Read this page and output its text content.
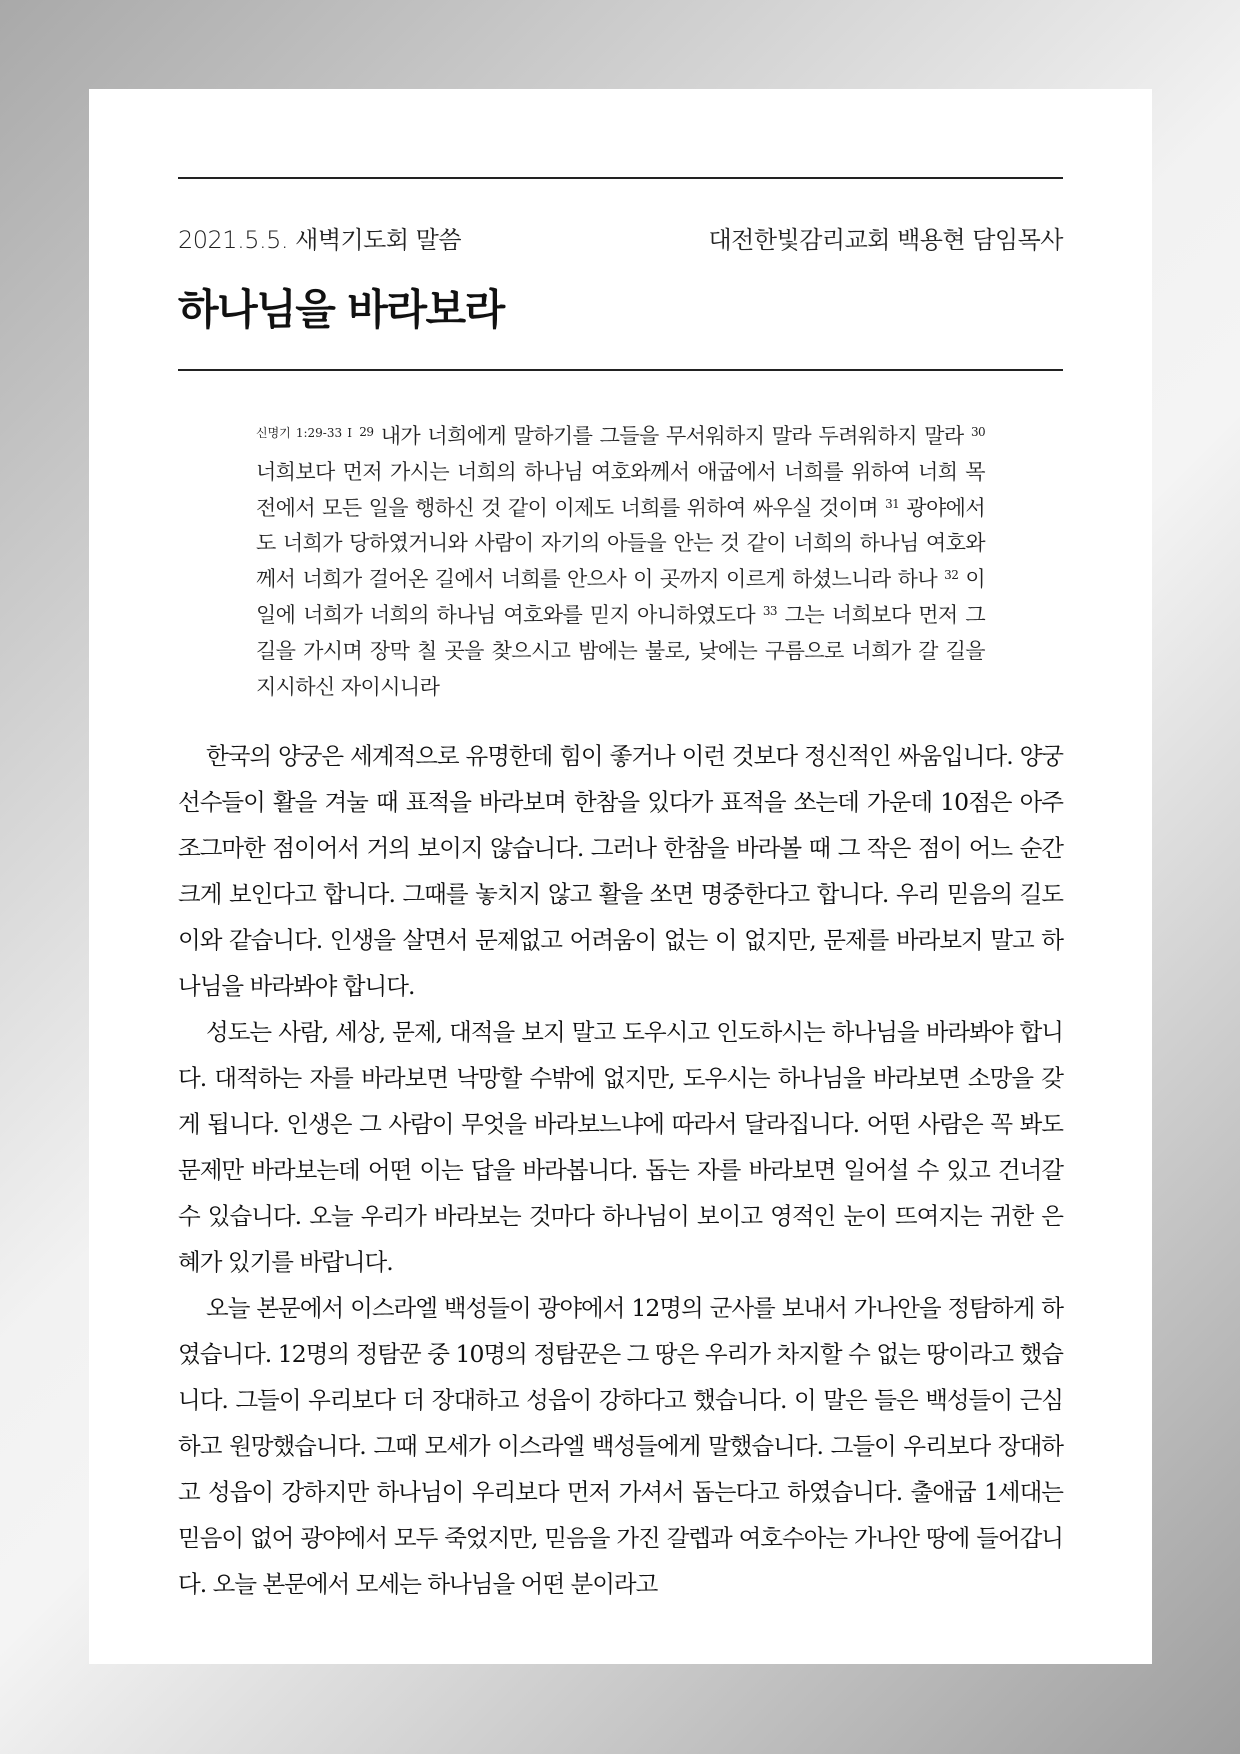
2021.5.5. 새벽기도회 말씀	대전한빛감리교회 백용현 담임목사
하나님을 바라보라

$^{신명기 1:29-33 I}$ $^{29}$ 내가 너희에게 말하기를 그들을 무서워하지 말라 두려워하지 말라 $^{30}$ 너희보다 먼저 가시는 너희의 하나님 여호와께서 애굽에서 너희를 위하여 너희 목전에서 모든 일을 행하신 것 같이 이제도 너희를 위하여 싸우실 것이며 $^{31}$ 광야에서도 너희가 당하였거니와 사람이 자기의 아들을 안는 것 같이 너희의 하나님 여호와께서 너희가 걸어온 길에서 너희를 안으사 이 곳까지 이르게 하셨느니라 하나 $^{32}$ 이 일에 너희가 너희의 하나님 여호와를 믿지 아니하였도다 $^{33}$ 그는 너희보다 먼저 그 길을 가시며 장막 칠 곳을 찾으시고 밤에는 불로, 낮에는 구름으로 너희가 갈 길을 지시하신 자이시니라

한국의 양궁은 세계적으로 유명한데 힘이 좋거나 이런 것보다 정신적인 싸움입니다. 양궁 선수들이 활을 겨눌 때 표적을 바라보며 한참을 있다가 표적을 쏘는데 가운데 10점은 아주 조그마한 점이어서 거의 보이지 않습니다. 그러나 한참을 바라볼 때 그 작은 점이 어느 순간 크게 보인다고 합니다. 그때를 놓치지 않고 활을 쏘면 명중한다고 합니다. 우리 믿음의 길도 이와 같습니다. 인생을 살면서 문제없고 어려움이 없는 이 없지만, 문제를 바라보지 말고 하나님을 바라봐야 합니다.

성도는 사람, 세상, 문제, 대적을 보지 말고 도우시고 인도하시는 하나님을 바라봐야 합니다. 대적하는 자를 바라보면 낙망할 수밖에 없지만, 도우시는 하나님을 바라보면 소망을 갖게 됩니다. 인생은 그 사람이 무엇을 바라보느냐에 따라서 달라집니다. 어떤 사람은 꼭 봐도 문제만 바라보는데 어떤 이는 답을 바라봅니다. 돕는 자를 바라보면 일어설 수 있고 건너갈 수 있습니다. 오늘 우리가 바라보는 것마다 하나님이 보이고 영적인 눈이 뜨여지는 귀한 은혜가 있기를 바랍니다.

오늘 본문에서 이스라엘 백성들이 광야에서 12명의 군사를 보내서 가나안을 정탐하게 하였습니다. 12명의 정탐꾼 중 10명의 정탐꾼은 그 땅은 우리가 차지할 수 없는 땅이라고 했습니다. 그들이 우리보다 더 장대하고 성읍이 강하다고 했습니다. 이 말은 들은 백성들이 근심하고 원망했습니다. 그때 모세가 이스라엘 백성들에게 말했습니다. 그들이 우리보다 장대하고 성읍이 강하지만 하나님이 우리보다 먼저 가셔서 돕는다고 하였습니다. 출애굽 1세대는 믿음이 없어 광야에서 모두 죽었지만, 믿음을 가진 갈렙과 여호수아는 가나안 땅에 들어갑니다. 오늘 본문에서 모세는 하나님을 어떤 분이라고
